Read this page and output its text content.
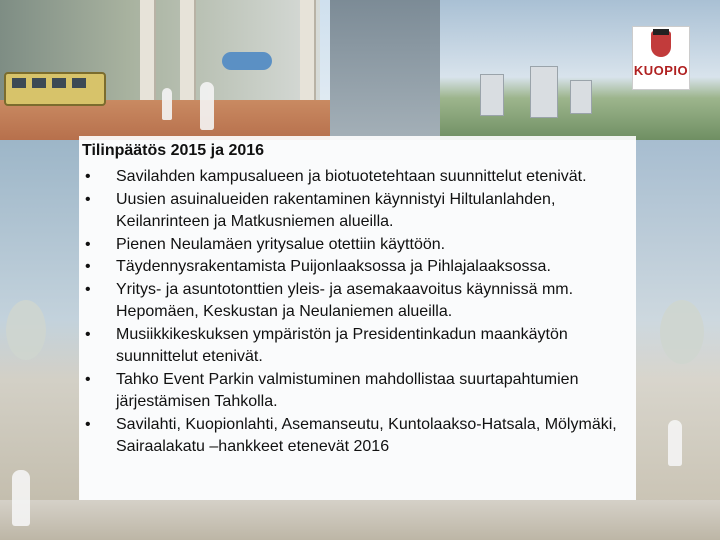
KUOPIO
Tilinpäätös 2015 ja 2016
• Savilahden kampusalueen ja biotuotetehtaan suunnittelut etenivät.
• Uusien asuinalueiden rakentaminen käynnistyi Hiltulanlahden, Keilanrinteen ja Matkusniemen alueilla.
• Pienen Neulamäen yritysalue otettiin käyttöön.
• Täydennysrakentamista Puijonlaaksossa ja Pihlajalaaksossa.
• Yritys- ja asuntotonttien yleis- ja asemakaavoitus käynnissä mm. Hepomäen, Keskustan ja Neulaniemen alueilla.
• Musiikkikeskuksen ympäristön ja Presidentinkadun maankäytön suunnittelut etenivät.
• Tahko Event Parkin valmistuminen mahdollistaa suurtapahtumien järjestämisen Tahkolla.
• Savilahti, Kuopionlahti, Asemanseutu, Kuntolaakso-Hatsala, Mölymäki, Sairaalakatu –hankkeet etenevät 2016
